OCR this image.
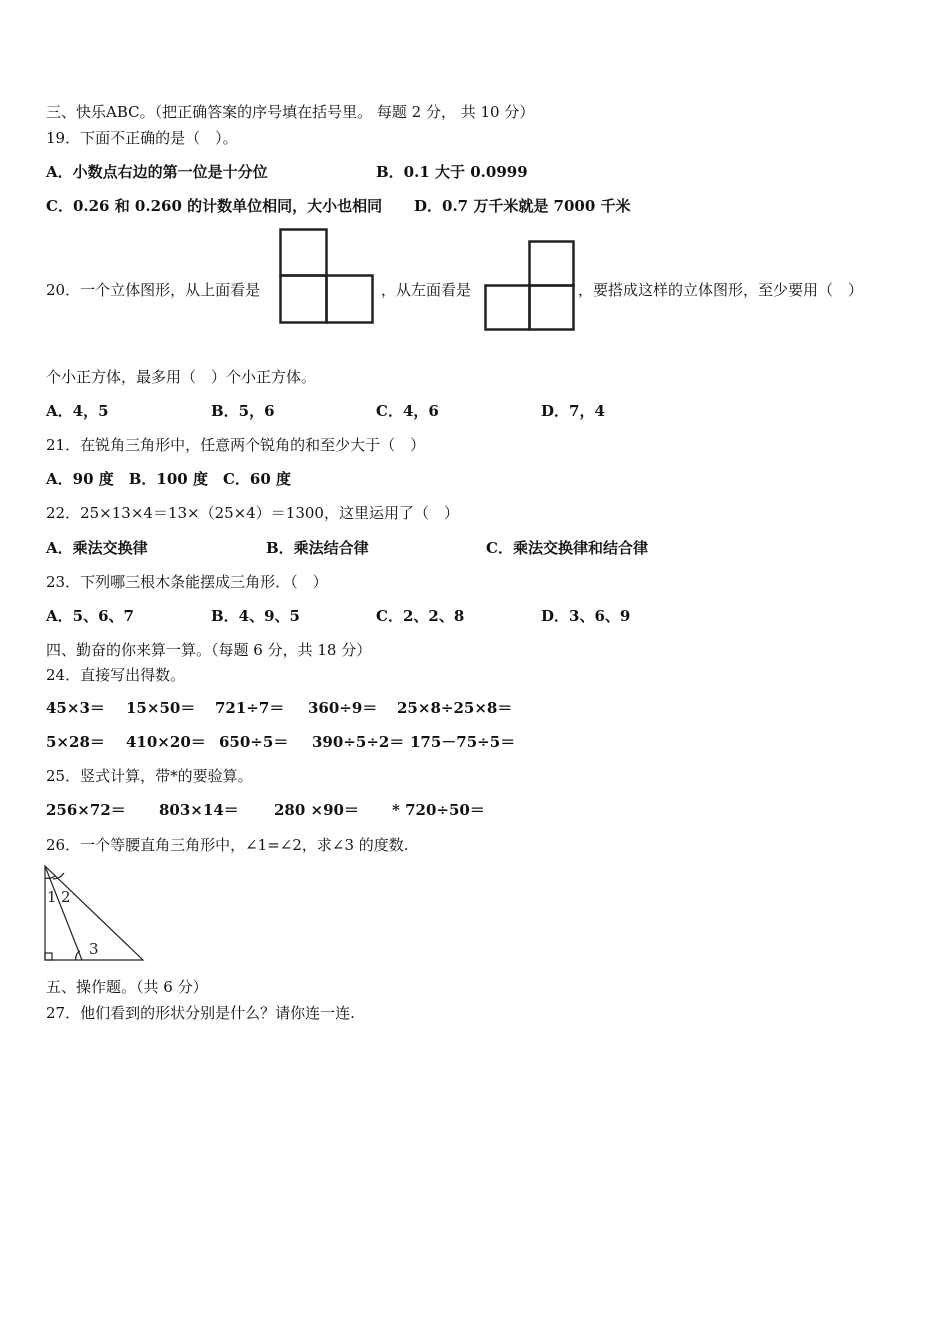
三、快乐ABC。（把正确答案的序号填在括号里。 每题 2 分， 共 10 分）
19．下面不正确的是（　）。
A．小数点右边的第一位是十分位	B．0.1 大于 0.0999
C．0.26 和 0.260 的计数单位相同，大小也相同 D．0.7 万千米就是 7000 千米
20．一个立体图形，从上面看是	，从左面看是	，要搭成这样的立体图形，至少要用（　）
个小正方体，最多用（　）个小正方体。
A．4，5	B．5，6	C．4，6	D．7，4
21．在锐角三角形中，任意两个锐角的和至少大于（　）
A．90 度　B．100 度　C．60 度
22．25×13×4＝13×（25×4）＝1300，这里运用了（　）
A．乘法交换律	B．乘法结合律	C．乘法交换律和结合律
23．下列哪三根木条能摆成三角形．（　）
A．5、6、7	B．4、9、5	C．2、2、8	D．3、6、9
四、勤奋的你来算一算。（每题 6 分，共 18 分）
24．直接写出得数。
45×3＝ 15×50＝ 721÷7＝ 360÷9＝ 25×8÷25×8＝
5×28＝ 410×20＝ 650÷5＝ 390÷5÷2＝ 175－75÷5＝
25．竖式计算，带*的要验算。
256×72＝ 803×14＝ 280 ×90＝ * 720÷50＝
26．一个等腰直角三角形中，∠1=∠2，求∠3 的度数.
1 2
3
五、操作题。（共 6 分）
27．他们看到的形状分别是什么？请你连一连.
